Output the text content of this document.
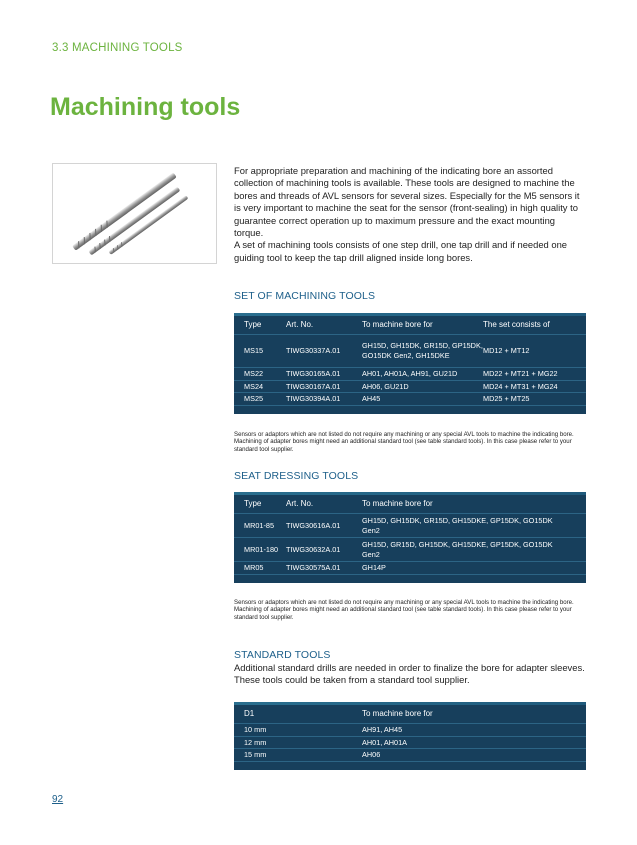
3.3 MACHINING TOOLS
Machining tools

For appropriate preparation and machining of the indicating bore an assorted collection of machining tools is available. These tools are designed to machine the bores and threads of AVL sensors for several sizes. Especially for the M5 sensors it is very important to machine the seat for the sensor (front-sealing) in high quality to guarantee correct operation up to maximum pressure and the exact mounting torque.

A set of machining tools consists of one step drill, one tap drill and if needed one guiding tool to keep the tap drill aligned inside long bores.

SET OF MACHINING TOOLS
Type	Art. No.	To machine bore for	The set consists of
MS15	TIWG30337A.01	GH15D, GH15DK, GR15D, GP15DK, GO15DK Gen2, GH15DKE	MD12 + MT12
MS22	TIWG30165A.01	AH01, AH01A, AH91, GU21D	MD22 + MT21 + MG22
MS24	TIWG30167A.01	AH06, GU21D	MD24 + MT31 + MG24
MS25	TIWG30394A.01	AH45	MD25 + MT25

Sensors or adaptors which are not listed do not require any machining or any special AVL tools to machine the indicating bore. Machining of adapter bores might need an additional standard tool (see table standard tools). In this case please refer to your standard tool supplier.
SEAT DRESSING TOOLS
Type	Art. No.	To machine bore for
MR01-85	TIWG30616A.01	GH15D, GH15DK, GR15D, GH15DKE, GP15DK, GO15DK Gen2
MR01-180	TIWG30632A.01	GH15D, GR15D, GH15DK, GH15DKE, GP15DK, GO15DK Gen2
MR05	TIWG30575A.01	GH14P

Sensors or adaptors which are not listed do not require any machining or any special AVL tools to machine the indicating bore. Machining of adapter bores might need an additional standard tool (see table standard tools). In this case please refer to your standard tool supplier.
STANDARD TOOLS
Additional standard drills are needed in order to finalize the bore for adapter sleeves. These tools could be taken from a standard tool supplier.
D1	To machine bore for
10 mm	AH91, AH45
12 mm	AH01, AH01A
15 mm	AH06

92
